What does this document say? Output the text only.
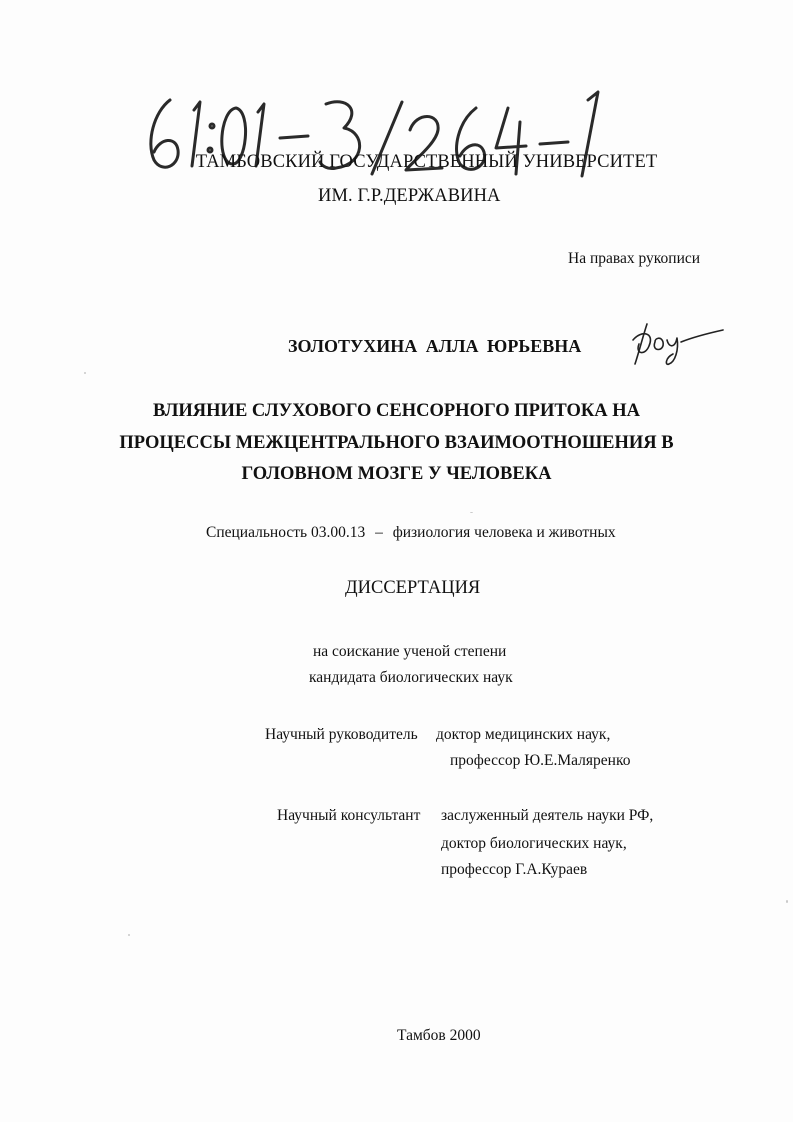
ТАМБОВСКИЙ ГОСУДАРСТВЕННЫЙ УНИВЕРСИТЕТ
ИМ. Г.Р.ДЕРЖАВИНА
На правах рукописи
ЗОЛОТУХИНА АЛЛА ЮРЬЕВНА
ВЛИЯНИЕ СЛУХОВОГО СЕНСОРНОГО ПРИТОКА НА
ПРОЦЕССЫ МЕЖЦЕНТРАЛЬНОГО ВЗАИМООТНОШЕНИЯ В
ГОЛОВНОМ МОЗГЕ У ЧЕЛОВЕКА
Специальность 03.00.13 – физиология человека и животных
ДИССЕРТАЦИЯ
на соискание ученой степени
кандидата биологических наук
Научный руководитель доктор медицинских наук,
профессор Ю.Е.Маляренко
Научный консультант заслуженный деятель науки РФ,
доктор биологических наук,
профессор Г.А.Кураев
Тамбов 2000
